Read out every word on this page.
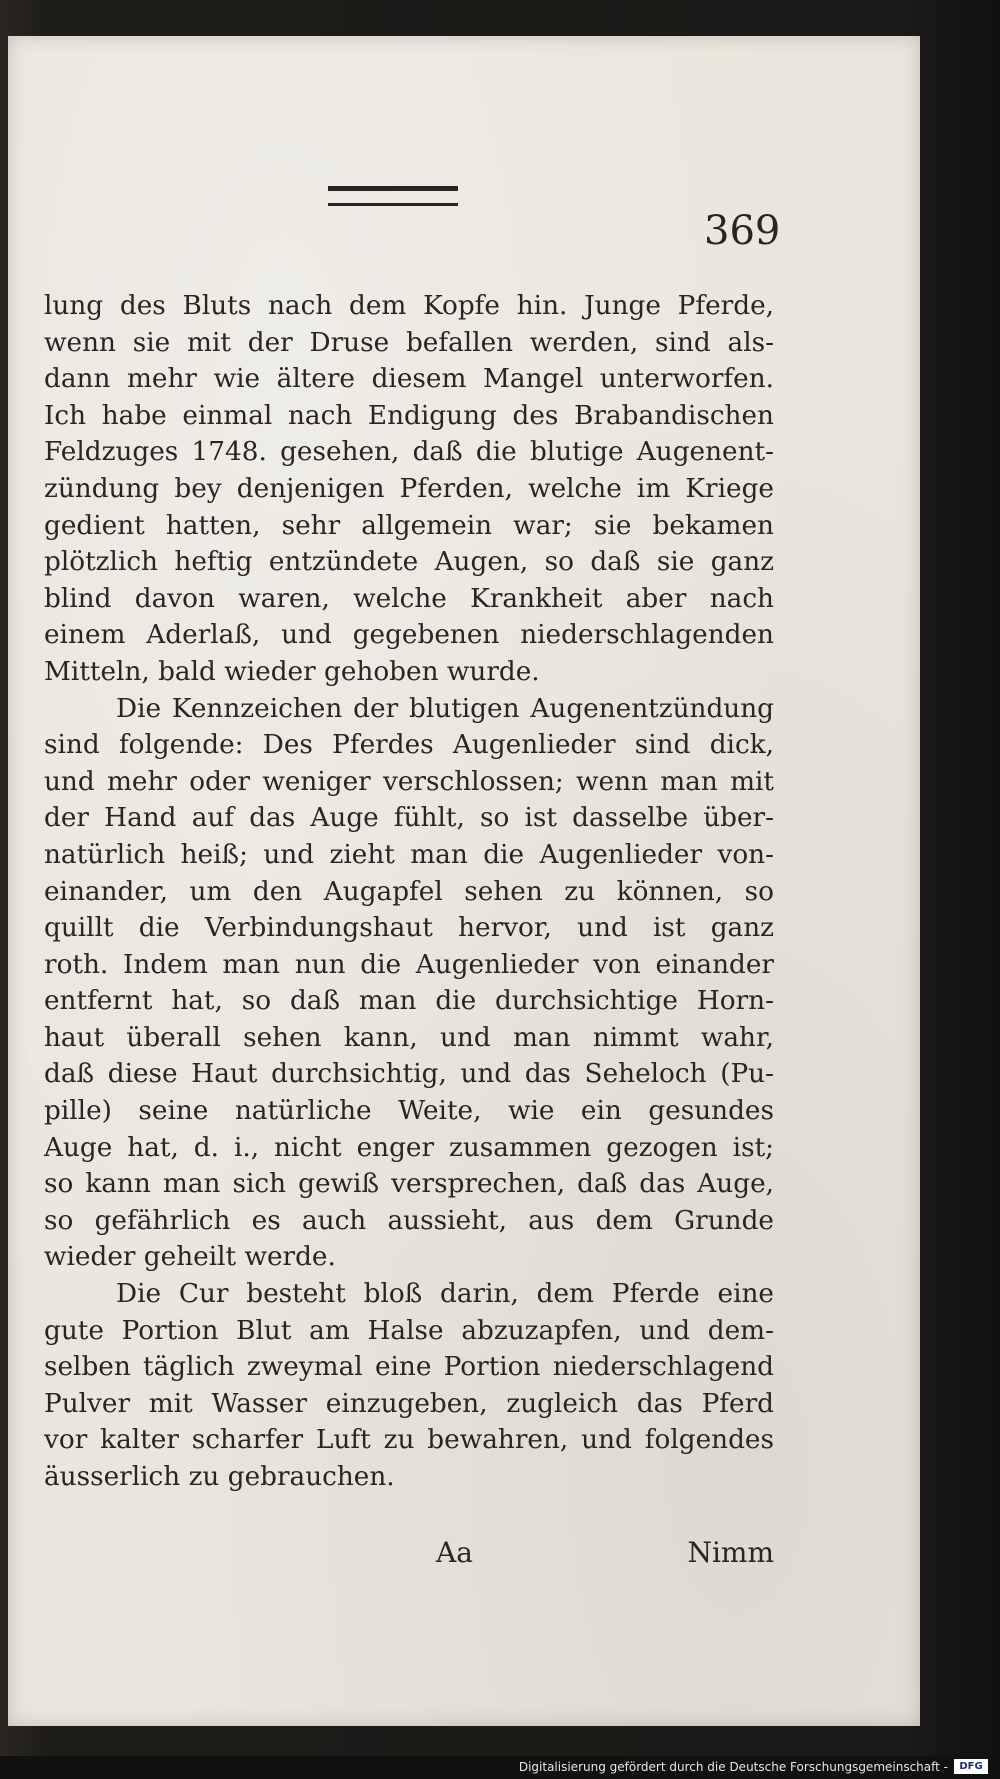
369
lung des Bluts nach dem Kopfe hin. Junge Pferde,
wenn sie mit der Druse befallen werden, sind als-
dann mehr wie ältere diesem Mangel unterworfen.
Ich habe einmal nach Endigung des Brabandischen
Feldzuges 1748. gesehen, daß die blutige Augenent-
zündung bey denjenigen Pferden, welche im Kriege
gedient hatten, sehr allgemein war; sie bekamen
plötzlich heftig entzündete Augen, so daß sie ganz
blind davon waren, welche Krankheit aber nach
einem Aderlaß, und gegebenen niederschlagenden
Mitteln, bald wieder gehoben wurde.
Die Kennzeichen der blutigen Augenentzündung
sind folgende: Des Pferdes Augenlieder sind dick,
und mehr oder weniger verschlossen; wenn man mit
der Hand auf das Auge fühlt, so ist dasselbe über-
natürlich heiß; und zieht man die Augenlieder von-
einander, um den Augapfel sehen zu können, so
quillt die Verbindungshaut hervor, und ist ganz
roth. Indem man nun die Augenlieder von einander
entfernt hat, so daß man die durchsichtige Horn-
haut überall sehen kann, und man nimmt wahr,
daß diese Haut durchsichtig, und das Seheloch (Pu-
pille) seine natürliche Weite, wie ein gesundes
Auge hat, d. i., nicht enger zusammen gezogen ist;
so kann man sich gewiß versprechen, daß das Auge,
so gefährlich es auch aussieht, aus dem Grunde
wieder geheilt werde.
Die Cur besteht bloß darin, dem Pferde eine
gute Portion Blut am Halse abzuzapfen, und dem-
selben täglich zweymal eine Portion niederschlagend
Pulver mit Wasser einzugeben, zugleich das Pferd
vor kalter scharfer Luft zu bewahren, und folgendes
äusserlich zu gebrauchen.
Aa	Nimm
Digitalisierung gefördert durch die Deutsche Forschungsgemeinschaft -	DFG
